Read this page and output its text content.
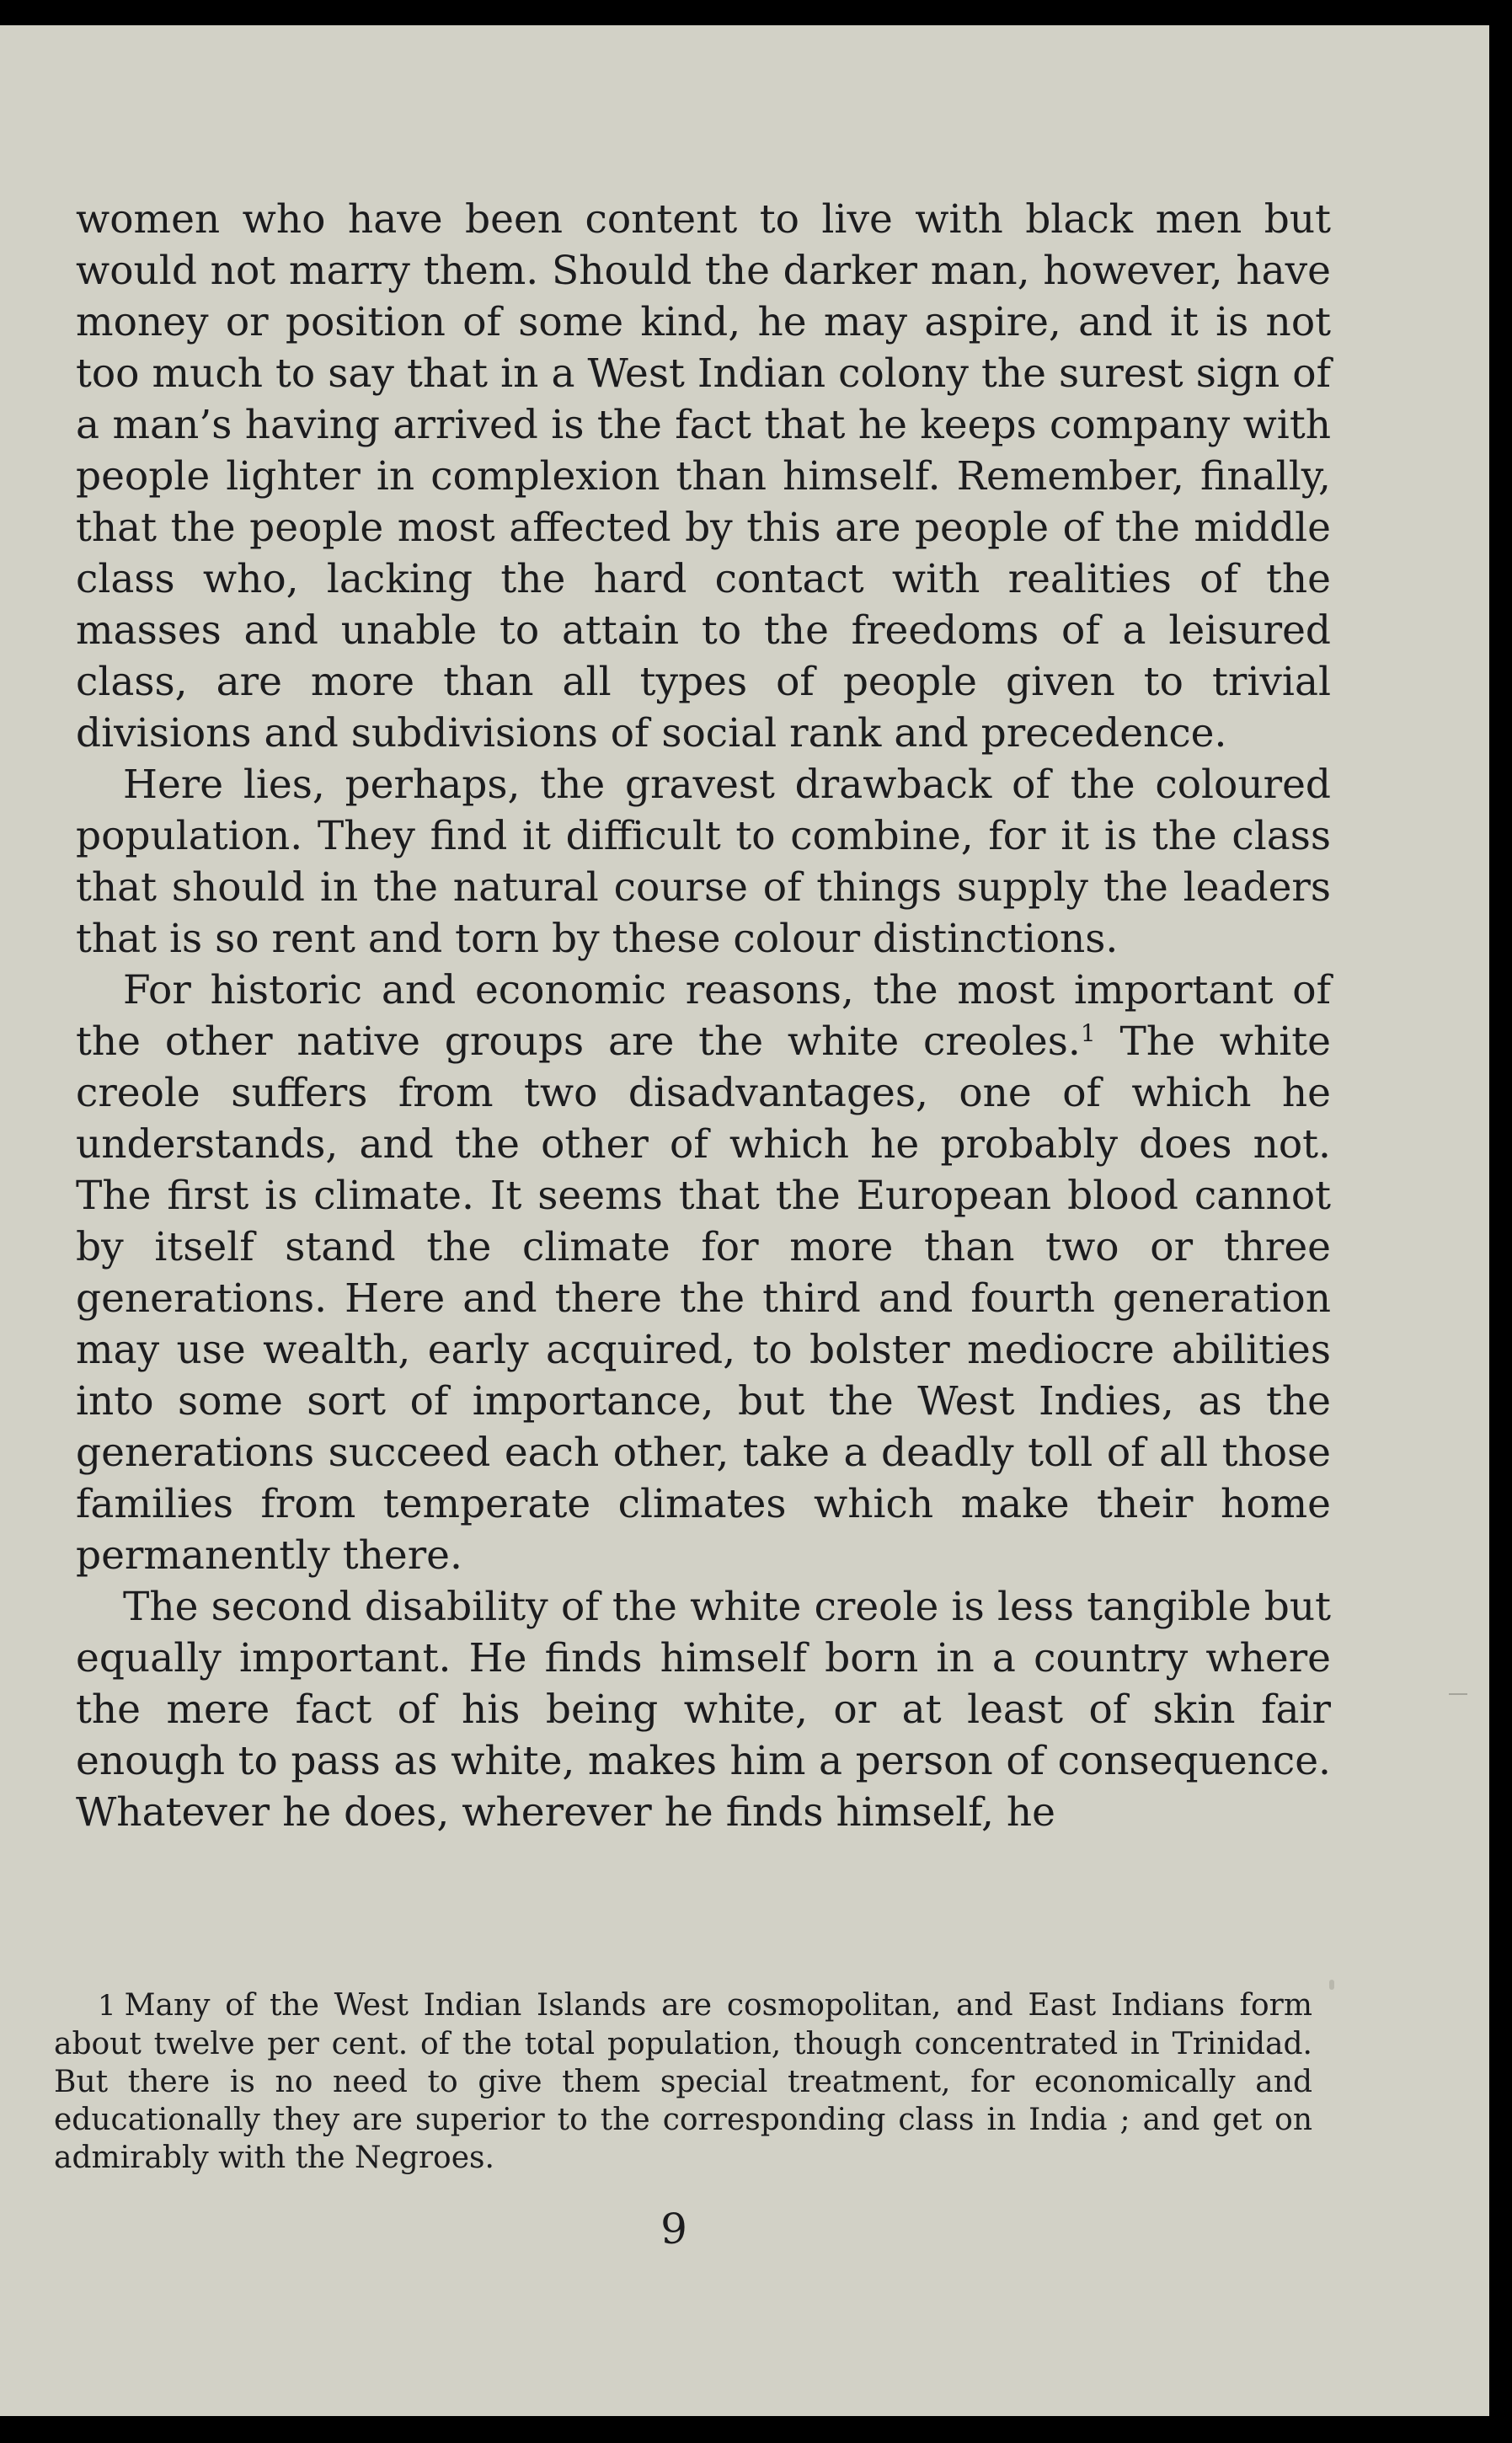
women who have been content to live with black men but would not marry them. Should the darker man, however, have money or position of some kind, he may aspire, and it is not too much to say that in a West Indian colony the surest sign of a man’s having arrived is the fact that he keeps company with people lighter in complexion than himself. Remember, finally, that the people most affected by this are people of the middle class who, lacking the hard contact with realities of the masses and unable to attain to the freedoms of a leisured class, are more than all types of people given to trivial divisions and subdivisions of social rank and precedence.

Here lies, perhaps, the gravest drawback of the coloured population. They find it difficult to combine, for it is the class that should in the natural course of things supply the leaders that is so rent and torn by these colour distinctions.

For historic and economic reasons, the most important of the other native groups are the white creoles.$^1$ The white creole suffers from two disadvantages, one of which he understands, and the other of which he probably does not. The first is climate. It seems that the European blood cannot by itself stand the climate for more than two or three generations. Here and there the third and fourth generation may use wealth, early acquired, to bolster mediocre abilities into some sort of importance, but the West Indies, as the generations succeed each other, take a deadly toll of all those families from temperate climates which make their home permanently there.

The second disability of the white creole is less tangible but equally important. He finds himself born in a country where the mere fact of his being white, or at least of skin fair enough to pass as white, makes him a person of consequence. Whatever he does, wherever he finds himself, he

1 Many of the West Indian Islands are cosmopolitan, and East Indians form about twelve per cent. of the total population, though concentrated in Trinidad. But there is no need to give them special treatment, for economically and educationally they are superior to the corresponding class in India ; and get on admirably with the Negroes.

9
